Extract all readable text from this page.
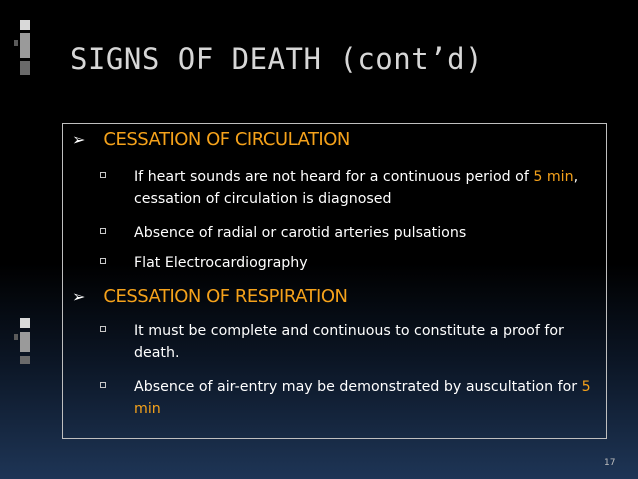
SIGNS OF DEATH (cont’d)
➢ CESSATION OF CIRCULATION
If heart sounds are not heard for a continuous period of 5 min, cessation of circulation is diagnosed
Absence of radial or carotid arteries pulsations
Flat Electrocardiography
➢ CESSATION OF RESPIRATION
It must be complete and continuous to constitute a proof for death.
Absence of air-entry may be demonstrated by auscultation for 5 min
17
